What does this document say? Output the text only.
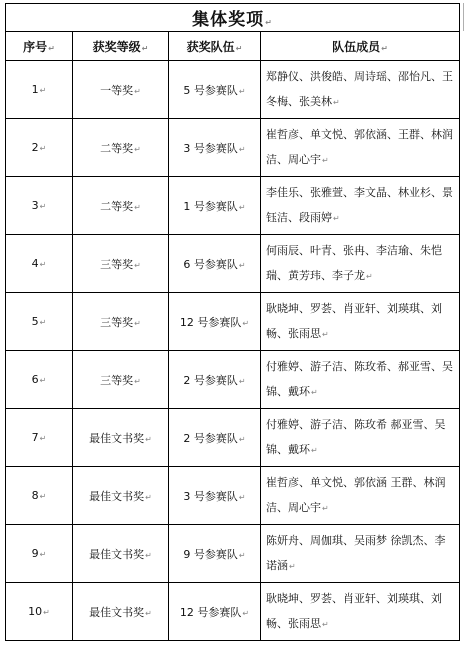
集体奖项↵			
序号↵	获奖等级↵	获奖队伍↵	队伍成员↵
1↵	一等奖↵	5 号参赛队↵	郑静仪、洪俊皓、周诗瑶、邵怡凡、王冬梅、张美林↵
2↵	二等奖↵	3 号参赛队↵	崔哲彦、单文悦、郭依涵、王群、林润洁、周心宇↵
3↵	二等奖↵	1 号参赛队↵	李佳乐、张雅萱、李文晶、林业杉、景钰洁、段雨婷↵
4↵	三等奖↵	6 号参赛队↵	何雨辰、叶青、张冉、李洁瑜、朱恺瑞、黄芳玮、李子龙↵
5↵	三等奖↵	12 号参赛队↵	耿晓坤、罗荟、肖亚轩、刘瑛琪、刘畅、张雨思↵
6↵	三等奖↵	2 号参赛队↵	付雅婷、游子洁、陈玫希、郝亚雪、吴锦、戴环↵
7↵	最佳文书奖↵	2 号参赛队↵	付雅婷、游子洁、陈玫希 郝亚雪、吴锦、戴环↵
8↵	最佳文书奖↵	3 号参赛队↵	崔哲彦、单文悦、郭依涵 王群、林润洁、周心宇↵
9↵	最佳文书奖↵	9 号参赛队↵	陈妍舟、周伽琪、吴雨梦 徐凯杰、李诺涵↵
10↵	最佳文书奖↵	12 号参赛队↵	耿晓坤、罗荟、肖亚轩、刘瑛琪、刘畅、张雨思↵
